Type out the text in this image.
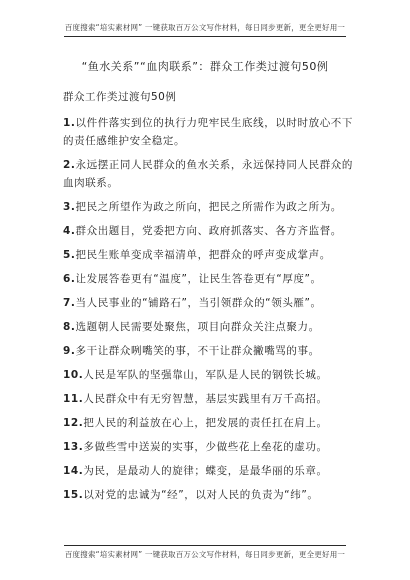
百度搜索“培实素材网” 一键获取百万公文写作材料，每日同步更新，更全更好用一
“鱼水关系”“血肉联系”：群众工作类过渡句50例
群众工作类过渡句50例
1.以件件落实到位的执行力兜牢民生底线，以时时放心不下的责任感维护安全稳定。
2.永远摆正同人民群众的鱼水关系，永远保持同人民群众的血肉联系。
3.把民之所望作为政之所向，把民之所需作为政之所为。
4.群众出题目，党委把方向、政府抓落实、各方齐监督。
5.把民生账单变成幸福清单，把群众的呼声变成掌声。
6.让发展答卷更有“温度”，让民生答卷更有“厚度”。
7.当人民事业的“铺路石”，当引领群众的“领头雁”。
8.选题朝人民需要处聚焦，项目向群众关注点聚力。
9.多干让群众咧嘴笑的事，不干让群众撇嘴骂的事。
10.人民是军队的坚强靠山，军队是人民的钢铁长城。
11.人民群众中有无穷智慧，基层实践里有万千高招。
12.把人民的利益放在心上，把发展的责任扛在肩上。
13.多做些雪中送炭的实事，少做些花上垒花的虚功。
14.为民，是最动人的旋律；蝶变，是最华丽的乐章。
15.以对党的忠诚为“经”，以对人民的负责为“纬”。
百度搜索“培实素材网” 一键获取百万公文写作材料，每日同步更新，更全更好用一
